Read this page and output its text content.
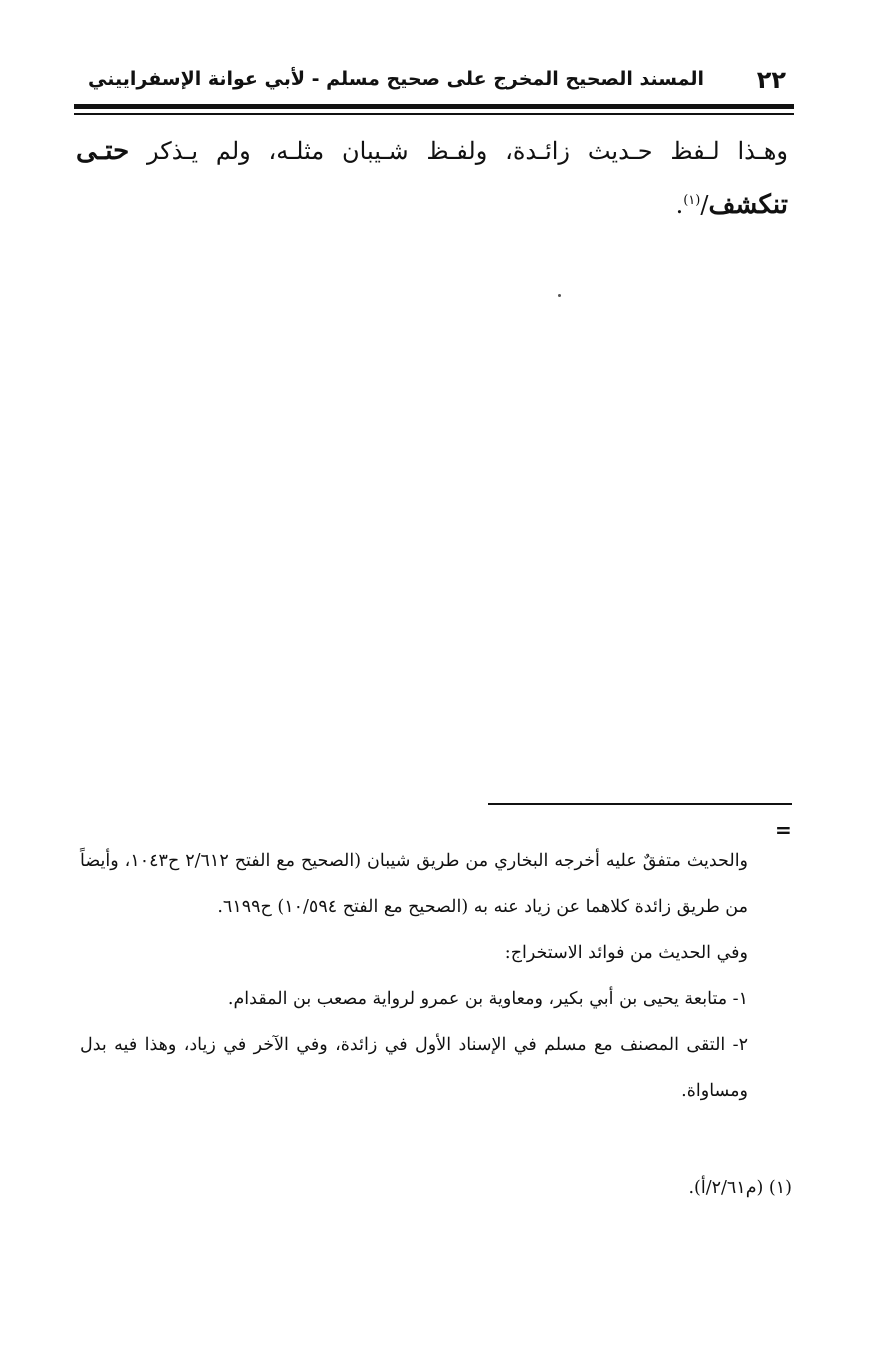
٢٢
المسند الصحيح المخرج على صحيح مسلم - لأبي عوانة الإسفراييني
وهـذا لـفظ حـديث زائـدة، ولفـظ شـيبان مثلـه، ولم يـذكر حتـى تنكشف/$^{(١)}$.
=

والحديث متفقٌ عليه أخرجه البخاري من طريق شيبان (الصحيح مع الفتح ٢/٦١٢ ح١٠٤٣، وأيضاً من طريق زائدة كلاهما عن زياد عنه به (الصحيح مع الفتح ١٠/٥٩٤) ح٦١٩٩.

وفي الحديث من فوائد الاستخراج:

١- متابعة يحيى بن أبي بكير، ومعاوية بن عمرو لرواية مصعب بن المقدام.

٢- التقى المصنف مع مسلم في الإسناد الأول في زائدة، وفي الآخر في زياد، وهذا فيه بدل ومساواة.

(١) (م٢/٦١/أ).
